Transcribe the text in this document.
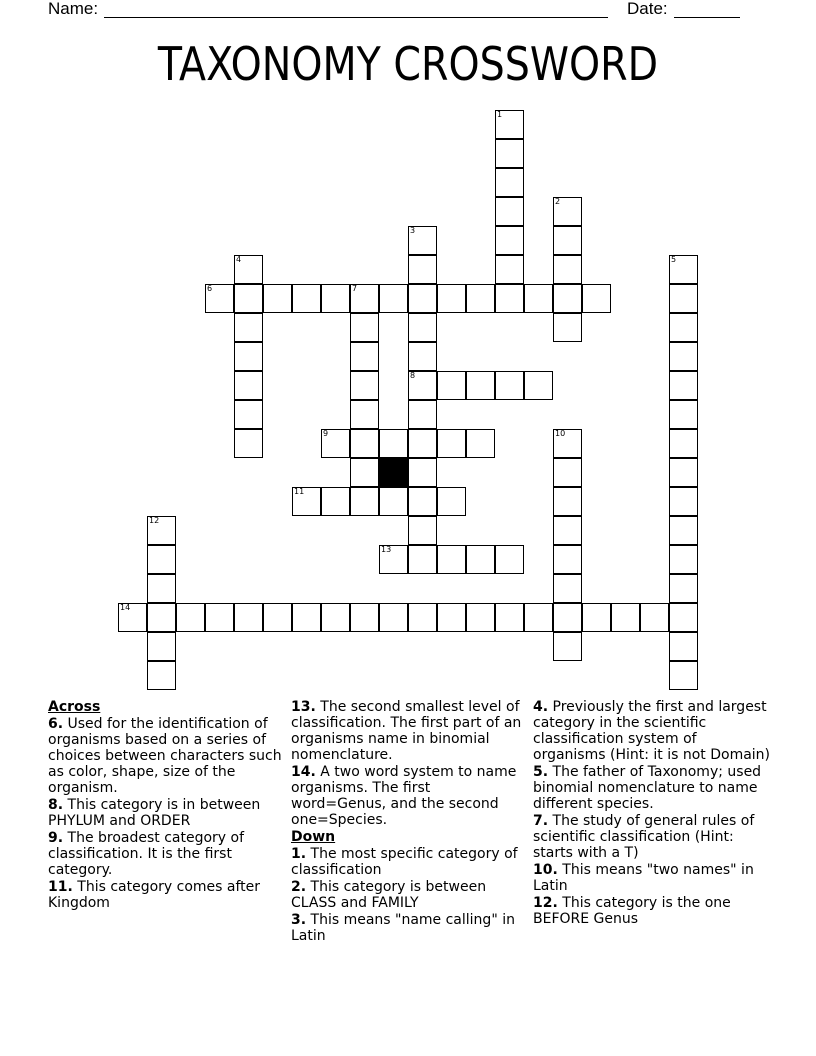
Name:	Date:
TAXONOMY CROSSWORD
1
2
3
8
4	5
6	7
9	10
11
12
13
14
Across
6. Used for the identification of organisms based on a series of choices between characters such as color, shape, size of the organism.
8. This category is in between PHYLUM and ORDER
9. The broadest category of classification. It is the first category.
11. This category comes after Kingdom
13. The second smallest level of classification. The first part of an organisms name in binomial nomenclature.
14. A two word system to name organisms. The first word=Genus, and the second one=Species.
Down
1. The most specific category of classification
2. This category is between CLASS and FAMILY
3. This means "name calling" in Latin
4. Previously the first and largest category in the scientific classification system of organisms (Hint: it is not Domain)
5. The father of Taxonomy; used binomial nomenclature to name different species.
7. The study of general rules of scientific classification (Hint: starts with a T)
10. This means "two names" in Latin
12. This category is the one BEFORE Genus
